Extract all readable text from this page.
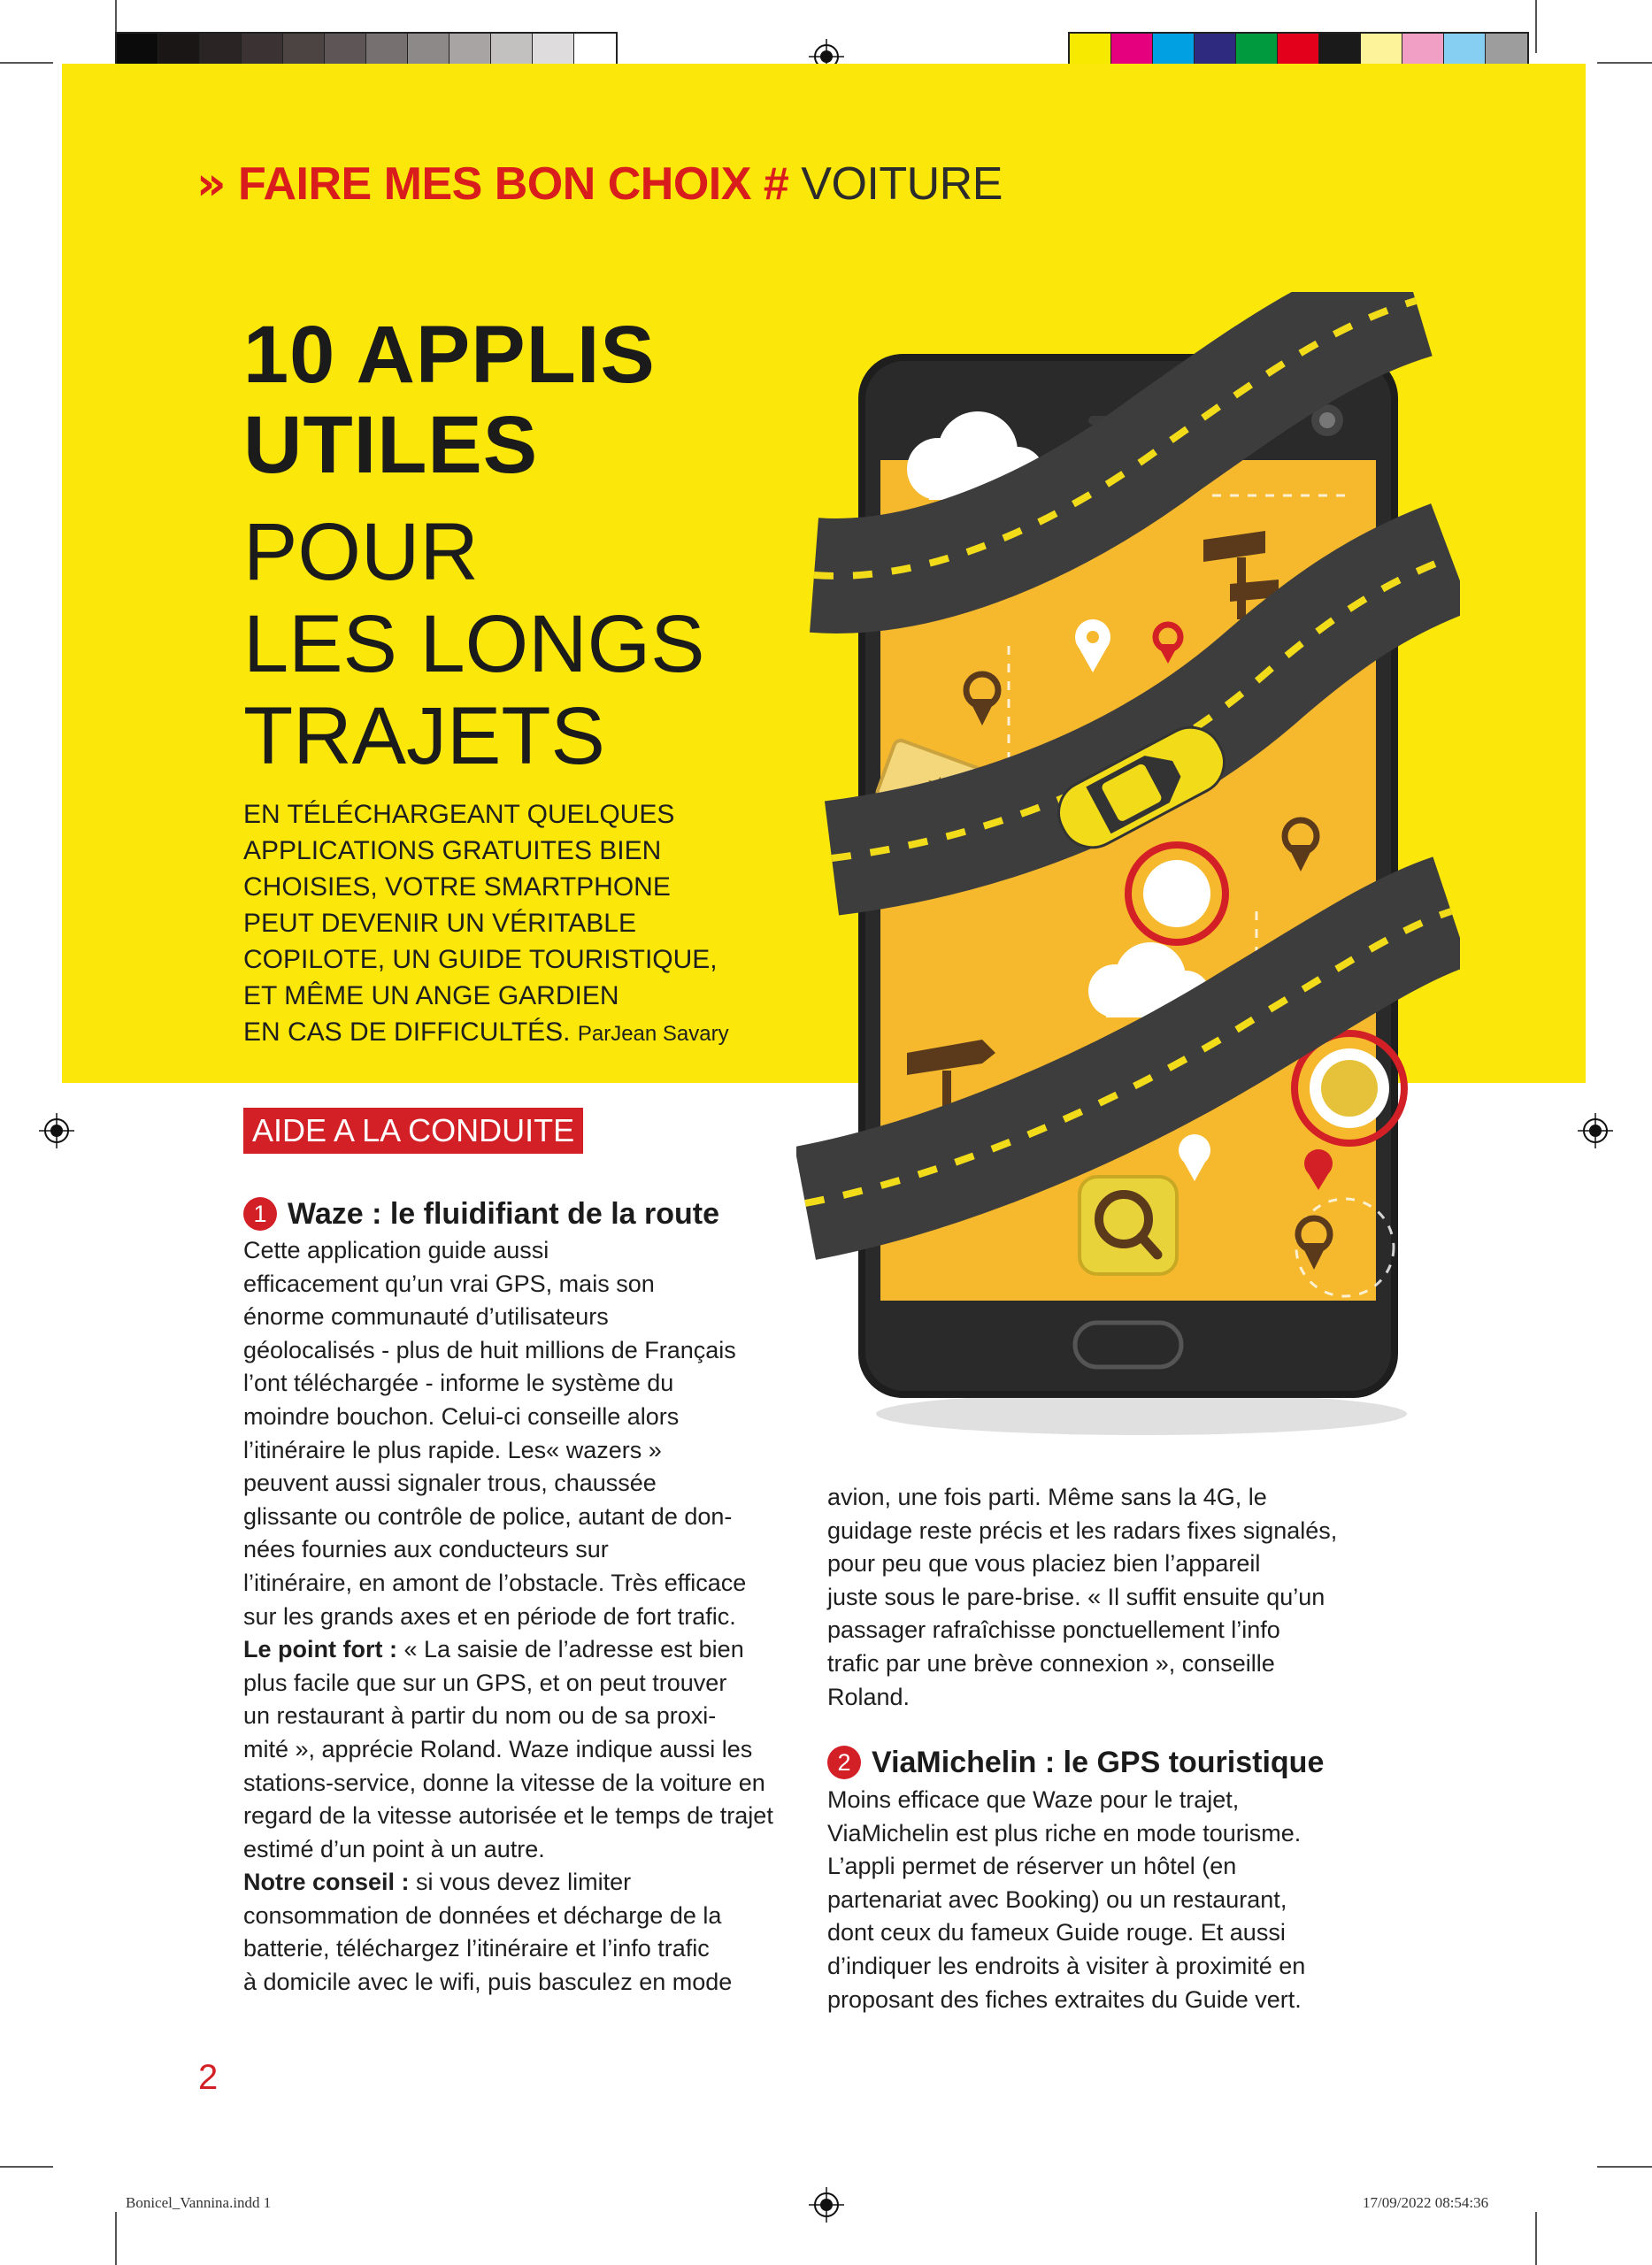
» FAIRE MES BON CHOIX # VOITURE
10 APPLIS
UTILES
POUR
LES LONGS
TRAJETS
EN TÉLÉCHARGEANT QUELQUES
APPLICATIONS GRATUITES BIEN
CHOISIES, VOTRE SMARTPHONE
PEUT DEVENIR UN VÉRITABLE
COPILOTE, UN GUIDE TOURISTIQUE,
ET MÊME UN ANGE GARDIEN
EN CAS DE DIFFICULTÉS. ParJean Savary
★
AIDE A LA CONDUITE
1 Waze : le fluidifiant de la route
Cette application guide aussi
efficacement qu’un vrai GPS, mais son
énorme communauté d’utilisateurs
géolocalisés - plus de huit millions de Français
l’ont téléchargée - informe le système du
moindre bouchon. Celui-ci conseille alors
l’itinéraire le plus rapide. Les« wazers »
peuvent aussi signaler trous, chaussée
glissante ou contrôle de police, autant de don-
nées fournies aux conducteurs sur
l’itinéraire, en amont de l’obstacle. Très efficace
sur les grands axes et en période de fort trafic.
Le point fort : « La saisie de l’adresse est bien
plus facile que sur un GPS, et on peut trouver
un restaurant à partir du nom ou de sa proxi-
mité », apprécie Roland. Waze indique aussi les
stations-service, donne la vitesse de la voiture en
regard de la vitesse autorisée et le temps de trajet
estimé d’un point à un autre.
Notre conseil : si vous devez limiter
consommation de données et décharge de la
batterie, téléchargez l’itinéraire et l’info trafic
à domicile avec le wifi, puis basculez en mode
avion, une fois parti. Même sans la 4G, le
guidage reste précis et les radars fixes signalés,
pour peu que vous placiez bien l’appareil
juste sous le pare-brise. « Il suffit ensuite qu’un
passager rafraîchisse ponctuellement l’info
trafic par une brève connexion », conseille
Roland.
2 ViaMichelin : le GPS touristique
Moins efficace que Waze pour le trajet,
ViaMichelin est plus riche en mode tourisme.
L’appli permet de réserver un hôtel (en
partenariat avec Booking) ou un restaurant,
dont ceux du fameux Guide rouge. Et aussi
d’indiquer les endroits à visiter à proximité en
proposant des fiches extraites du Guide vert.
2
Bonicel_Vannina.indd 1	17/09/2022 08:54:36
